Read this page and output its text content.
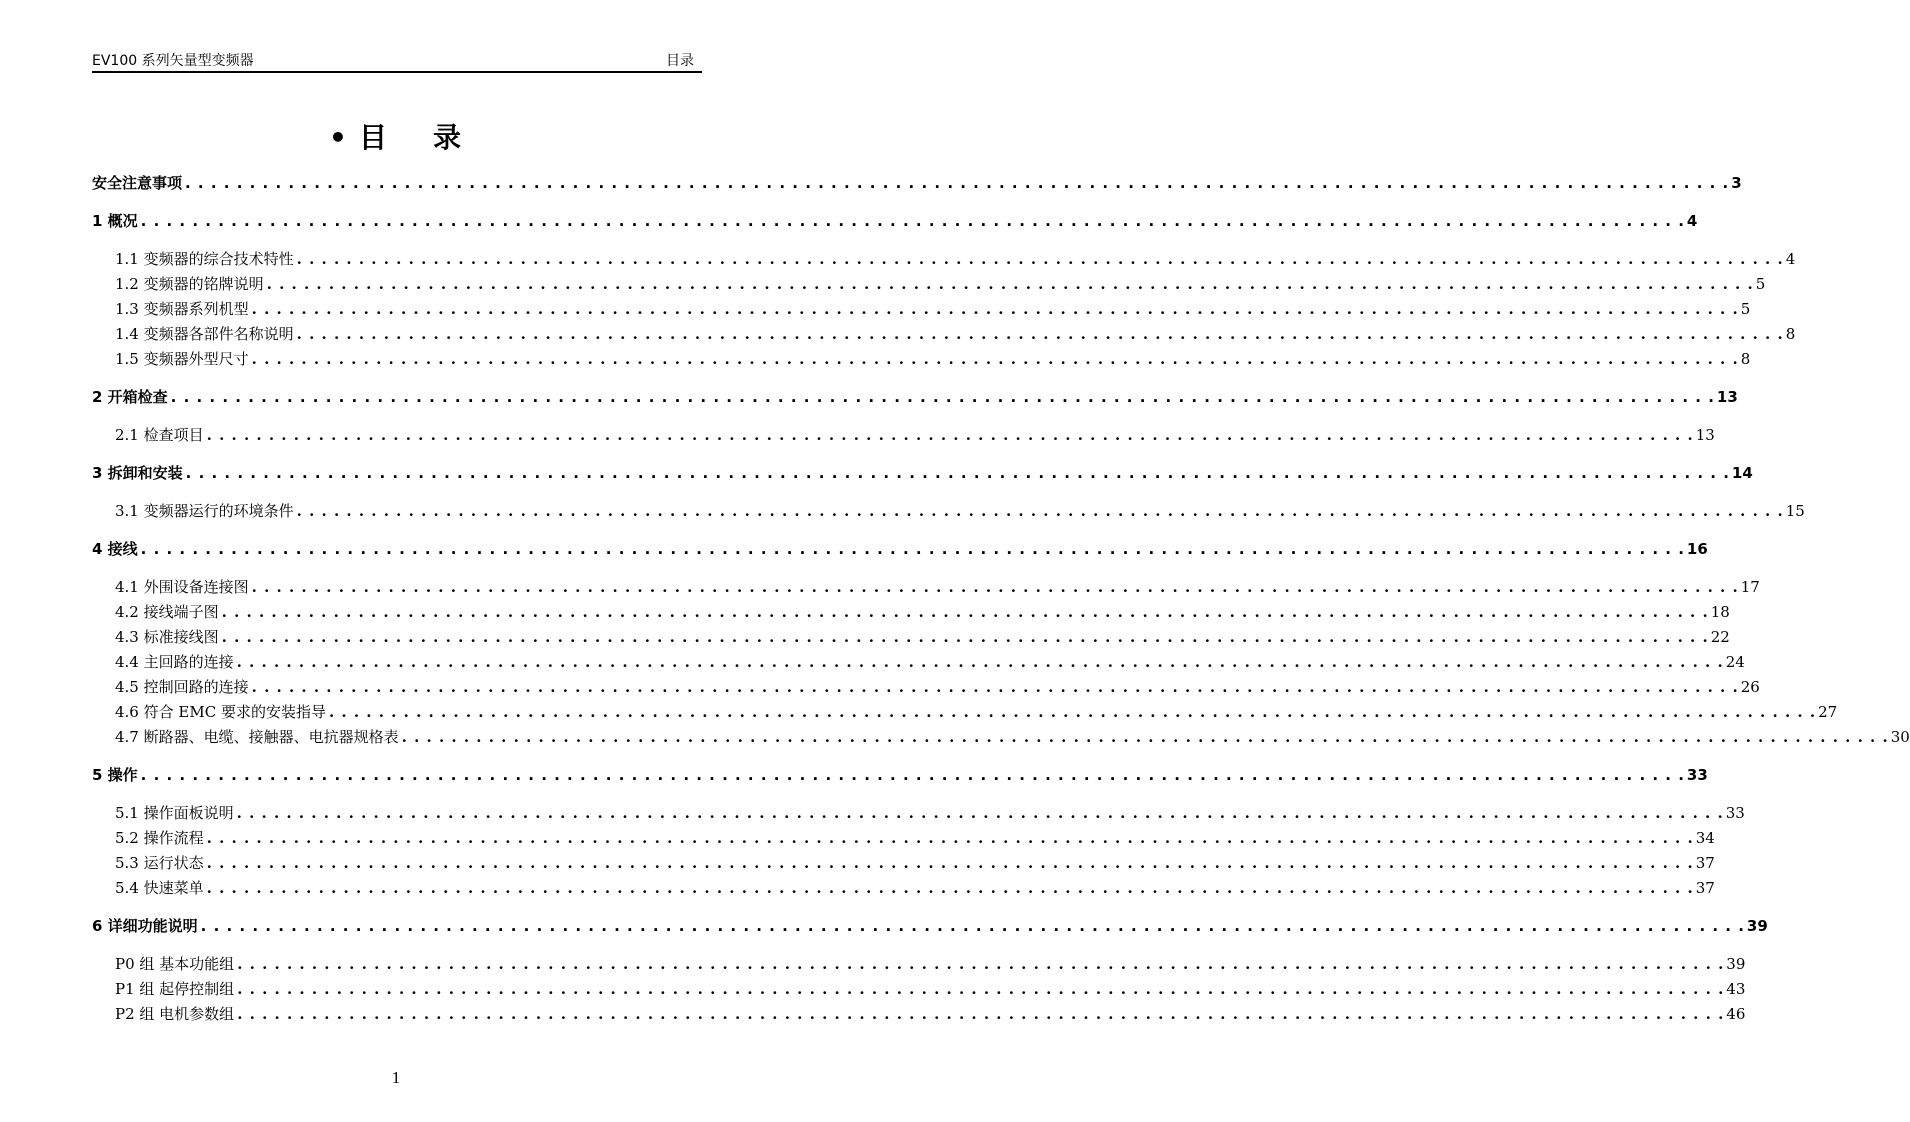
EV100 系列矢量型变频器	目录
• 目 录
安全注意事项 . . . . . . . . . . . . . . . . . . . . . . . . . . . . . . . . . . . . . . . . . . . . . . . . . . . . . . . . . . . . . . . . . . . . . . . . . . . . . . . . . . . . . . . . . . . . . . . . . . . . . . . . . . . . . . . . . . . . . . . . 3
1 概况 . . . . . . . . . . . . . . . . . . . . . . . . . . . . . . . . . . . . . . . . . . . . . . . . . . . . . . . . . . . . . . . . . . . . . . . . . . . . . . . . . . . . . . . . . . . . . . . . . . . . . . . . . . . . . . . . . . . . . . . . 4
1.1 变频器的综合技术特性 . . . . . . . . . . . . . . . . . . . . . . . . . . . . . . . . . . . . . . . . . . . . . . . . . . . . . . . . . . . . . . . . . . . . . . . . . . . . . . . . . . . . . . . . . . . . . . . . . . . . . . . . . . . . . . . . . . . . . . . . 4
1.2 变频器的铭牌说明 . . . . . . . . . . . . . . . . . . . . . . . . . . . . . . . . . . . . . . . . . . . . . . . . . . . . . . . . . . . . . . . . . . . . . . . . . . . . . . . . . . . . . . . . . . . . . . . . . . . . . . . . . . . . . . . . . . . . . . . . 5
1.3 变频器系列机型 . . . . . . . . . . . . . . . . . . . . . . . . . . . . . . . . . . . . . . . . . . . . . . . . . . . . . . . . . . . . . . . . . . . . . . . . . . . . . . . . . . . . . . . . . . . . . . . . . . . . . . . . . . . . . . . . . . . . . . . . 5
1.4 变频器各部件名称说明 . . . . . . . . . . . . . . . . . . . . . . . . . . . . . . . . . . . . . . . . . . . . . . . . . . . . . . . . . . . . . . . . . . . . . . . . . . . . . . . . . . . . . . . . . . . . . . . . . . . . . . . . . . . . . . . . . . . . . . . . 8
1.5 变频器外型尺寸 . . . . . . . . . . . . . . . . . . . . . . . . . . . . . . . . . . . . . . . . . . . . . . . . . . . . . . . . . . . . . . . . . . . . . . . . . . . . . . . . . . . . . . . . . . . . . . . . . . . . . . . . . . . . . . . . . . . . . . . . 8
2 开箱检查 . . . . . . . . . . . . . . . . . . . . . . . . . . . . . . . . . . . . . . . . . . . . . . . . . . . . . . . . . . . . . . . . . . . . . . . . . . . . . . . . . . . . . . . . . . . . . . . . . . . . . . . . . . . . . . . . . . . . . . . . 13
2.1 检查项目 . . . . . . . . . . . . . . . . . . . . . . . . . . . . . . . . . . . . . . . . . . . . . . . . . . . . . . . . . . . . . . . . . . . . . . . . . . . . . . . . . . . . . . . . . . . . . . . . . . . . . . . . . . . . . . . . . . . . . . . . 13
3 拆卸和安装 . . . . . . . . . . . . . . . . . . . . . . . . . . . . . . . . . . . . . . . . . . . . . . . . . . . . . . . . . . . . . . . . . . . . . . . . . . . . . . . . . . . . . . . . . . . . . . . . . . . . . . . . . . . . . . . . . . . . . . . . 14
3.1 变频器运行的环境条件 . . . . . . . . . . . . . . . . . . . . . . . . . . . . . . . . . . . . . . . . . . . . . . . . . . . . . . . . . . . . . . . . . . . . . . . . . . . . . . . . . . . . . . . . . . . . . . . . . . . . . . . . . . . . . . . . . . . . . . . . 15
4 接线 . . . . . . . . . . . . . . . . . . . . . . . . . . . . . . . . . . . . . . . . . . . . . . . . . . . . . . . . . . . . . . . . . . . . . . . . . . . . . . . . . . . . . . . . . . . . . . . . . . . . . . . . . . . . . . . . . . . . . . . . 16
4.1 外围设备连接图 . . . . . . . . . . . . . . . . . . . . . . . . . . . . . . . . . . . . . . . . . . . . . . . . . . . . . . . . . . . . . . . . . . . . . . . . . . . . . . . . . . . . . . . . . . . . . . . . . . . . . . . . . . . . . . . . . . . . . . . . 17
4.2 接线端子图 . . . . . . . . . . . . . . . . . . . . . . . . . . . . . . . . . . . . . . . . . . . . . . . . . . . . . . . . . . . . . . . . . . . . . . . . . . . . . . . . . . . . . . . . . . . . . . . . . . . . . . . . . . . . . . . . . . . . . . . . 18
4.3 标准接线图 . . . . . . . . . . . . . . . . . . . . . . . . . . . . . . . . . . . . . . . . . . . . . . . . . . . . . . . . . . . . . . . . . . . . . . . . . . . . . . . . . . . . . . . . . . . . . . . . . . . . . . . . . . . . . . . . . . . . . . . . 22
4.4 主回路的连接 . . . . . . . . . . . . . . . . . . . . . . . . . . . . . . . . . . . . . . . . . . . . . . . . . . . . . . . . . . . . . . . . . . . . . . . . . . . . . . . . . . . . . . . . . . . . . . . . . . . . . . . . . . . . . . . . . . . . . . . . 24
4.5 控制回路的连接 . . . . . . . . . . . . . . . . . . . . . . . . . . . . . . . . . . . . . . . . . . . . . . . . . . . . . . . . . . . . . . . . . . . . . . . . . . . . . . . . . . . . . . . . . . . . . . . . . . . . . . . . . . . . . . . . . . . . . . . . 26
4.6 符合 EMC 要求的安装指导 . . . . . . . . . . . . . . . . . . . . . . . . . . . . . . . . . . . . . . . . . . . . . . . . . . . . . . . . . . . . . . . . . . . . . . . . . . . . . . . . . . . . . . . . . . . . . . . . . . . . . . . . . . . . . . . . . . . . . . . . 27
4.7 断路器、电缆、接触器、电抗器规格表 . . . . . . . . . . . . . . . . . . . . . . . . . . . . . . . . . . . . . . . . . . . . . . . . . . . . . . . . . . . . . . . . . . . . . . . . . . . . . . . . . . . . . . . . . . . . . . . . . . . . . . . . . . . . . . . . . . . . . . . . 30
5 操作 . . . . . . . . . . . . . . . . . . . . . . . . . . . . . . . . . . . . . . . . . . . . . . . . . . . . . . . . . . . . . . . . . . . . . . . . . . . . . . . . . . . . . . . . . . . . . . . . . . . . . . . . . . . . . . . . . . . . . . . . 33
5.1 操作面板说明 . . . . . . . . . . . . . . . . . . . . . . . . . . . . . . . . . . . . . . . . . . . . . . . . . . . . . . . . . . . . . . . . . . . . . . . . . . . . . . . . . . . . . . . . . . . . . . . . . . . . . . . . . . . . . . . . . . . . . . . . 33
5.2 操作流程 . . . . . . . . . . . . . . . . . . . . . . . . . . . . . . . . . . . . . . . . . . . . . . . . . . . . . . . . . . . . . . . . . . . . . . . . . . . . . . . . . . . . . . . . . . . . . . . . . . . . . . . . . . . . . . . . . . . . . . . . 34
5.3 运行状态 . . . . . . . . . . . . . . . . . . . . . . . . . . . . . . . . . . . . . . . . . . . . . . . . . . . . . . . . . . . . . . . . . . . . . . . . . . . . . . . . . . . . . . . . . . . . . . . . . . . . . . . . . . . . . . . . . . . . . . . . 37
5.4 快速菜单 . . . . . . . . . . . . . . . . . . . . . . . . . . . . . . . . . . . . . . . . . . . . . . . . . . . . . . . . . . . . . . . . . . . . . . . . . . . . . . . . . . . . . . . . . . . . . . . . . . . . . . . . . . . . . . . . . . . . . . . . 37
6 详细功能说明 . . . . . . . . . . . . . . . . . . . . . . . . . . . . . . . . . . . . . . . . . . . . . . . . . . . . . . . . . . . . . . . . . . . . . . . . . . . . . . . . . . . . . . . . . . . . . . . . . . . . . . . . . . . . . . . . . . . . . . . . 39
P0 组 基本功能组 . . . . . . . . . . . . . . . . . . . . . . . . . . . . . . . . . . . . . . . . . . . . . . . . . . . . . . . . . . . . . . . . . . . . . . . . . . . . . . . . . . . . . . . . . . . . . . . . . . . . . . . . . . . . . . . . . . . . . . . . 39
P1 组 起停控制组 . . . . . . . . . . . . . . . . . . . . . . . . . . . . . . . . . . . . . . . . . . . . . . . . . . . . . . . . . . . . . . . . . . . . . . . . . . . . . . . . . . . . . . . . . . . . . . . . . . . . . . . . . . . . . . . . . . . . . . . . 43
P2 组 电机参数组 . . . . . . . . . . . . . . . . . . . . . . . . . . . . . . . . . . . . . . . . . . . . . . . . . . . . . . . . . . . . . . . . . . . . . . . . . . . . . . . . . . . . . . . . . . . . . . . . . . . . . . . . . . . . . . . . . . . . . . . . 46
1
